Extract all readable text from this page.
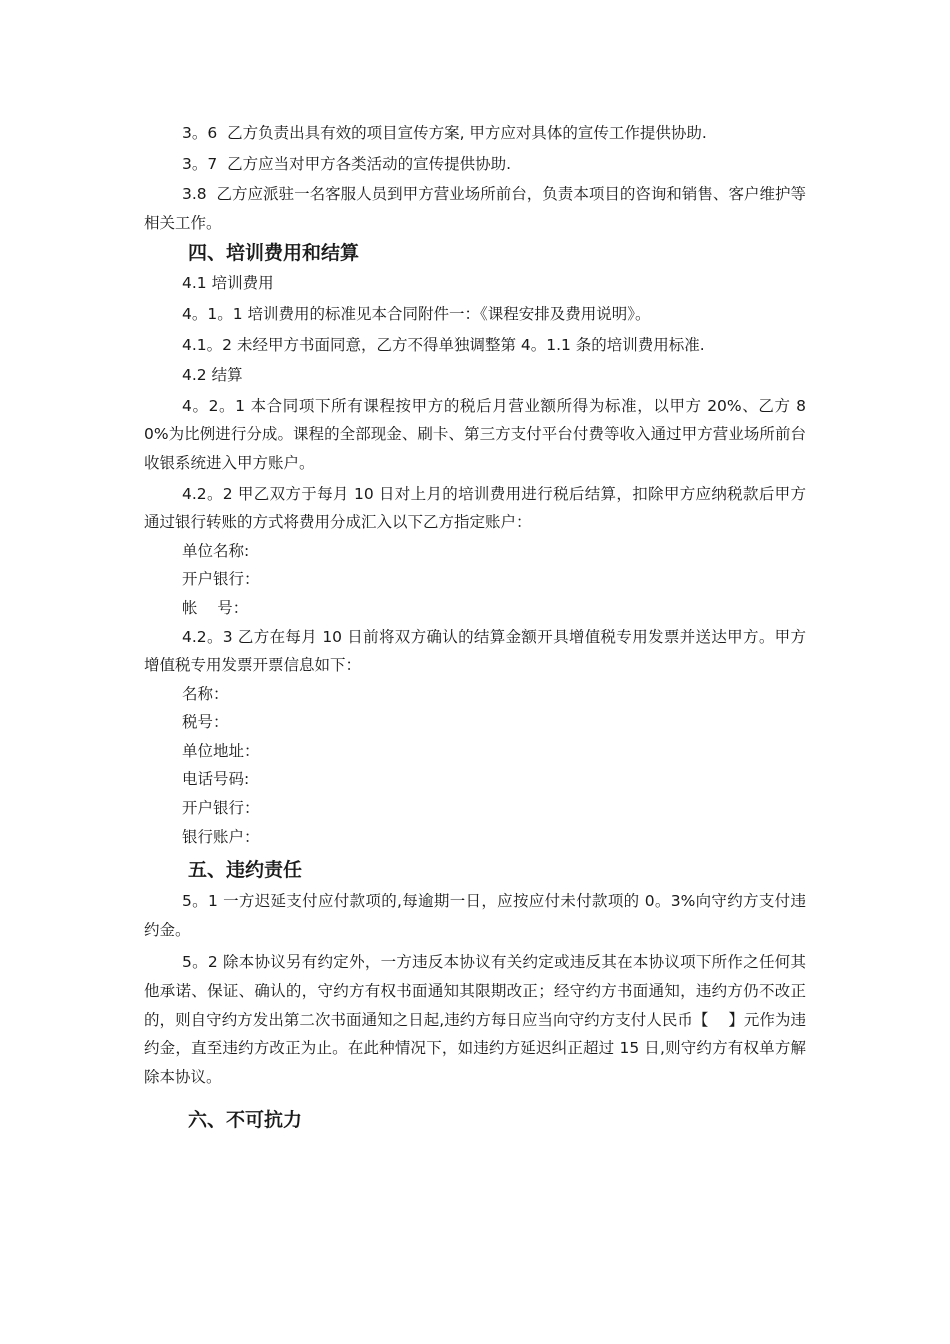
3。6  乙方负责出具有效的项目宣传方案, 甲方应对具体的宣传工作提供协助.

3。7  乙方应当对甲方各类活动的宣传提供协助.

3.8  乙方应派驻一名客服人员到甲方营业场所前台，负责本项目的咨询和销售、客户维护等相关工作。

四、培训费用和结算

4.1 培训费用

4。1。1 培训费用的标准见本合同附件一：《课程安排及费用说明》。

4.1。2 未经甲方书面同意，乙方不得单独调整第 4。1.1 条的培训费用标准.

4.2 结算

4。2。1 本合同项下所有课程按甲方的税后月营业额所得为标准，以甲方 20%、乙方 80%为比例进行分成。课程的全部现金、刷卡、第三方支付平台付费等收入通过甲方营业场所前台收银系统进入甲方账户。

4.2。2 甲乙双方于每月 10 日对上月的培训费用进行税后结算，扣除甲方应纳税款后甲方通过银行转账的方式将费用分成汇入以下乙方指定账户：

单位名称:

开户银行：

帐    号：

4.2。3 乙方在每月 10 日前将双方确认的结算金额开具增值税专用发票并送达甲方。甲方增值税专用发票开票信息如下：

名称：

税号：

单位地址：

电话号码:

开户银行：

银行账户：

五、违约责任

5。1 一方迟延支付应付款项的,每逾期一日，应按应付未付款项的 0。3%向守约方支付违约金。

5。2 除本协议另有约定外，一方违反本协议有关约定或违反其在本协议项下所作之任何其他承诺、保证、确认的，守约方有权书面通知其限期改正；经守约方书面通知，违约方仍不改正的，则自守约方发出第二次书面通知之日起,违约方每日应当向守约方支付人民币【    】元作为违约金，直至违约方改正为止。在此种情况下，如违约方延迟纠正超过 15 日,则守约方有权单方解除本协议。

六、不可抗力
